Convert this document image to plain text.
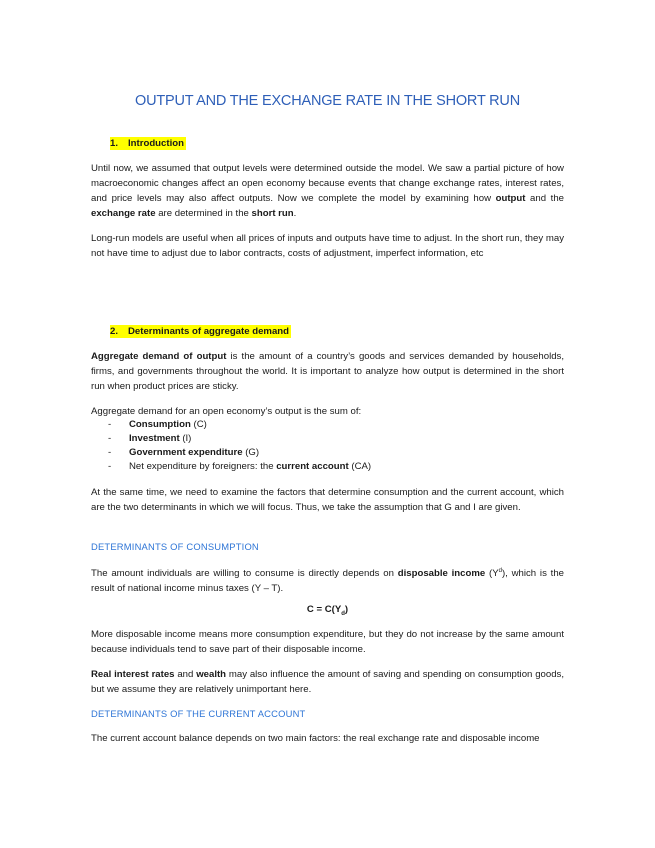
OUTPUT AND THE EXCHANGE RATE IN THE SHORT RUN
1. Introduction

Until now, we assumed that output levels were determined outside the model. We saw a partial picture of how macroeconomic changes affect an open economy because events that change exchange rates, interest rates, and price levels may also affect outputs. Now we complete the model by examining how output and the exchange rate are determined in the short run.

Long-run models are useful when all prices of inputs and outputs have time to adjust. In the short run, they may not have time to adjust due to labor contracts, costs of adjustment, imperfect information, etc

2. Determinants of aggregate demand

Aggregate demand of output is the amount of a country’s goods and services demanded by households, firms, and governments throughout the world. It is important to analyze how output is determined in the short run when product prices are sticky.

Aggregate demand for an open economy’s output is the sum of:

- Consumption (C)
- Investment (I)
- Government expenditure (G)
- Net expenditure by foreigners: the current account (CA)

At the same time, we need to examine the factors that determine consumption and the current account, which are the two determinants in which we will focus. Thus, we take the assumption that G and I are given.

DETERMINANTS OF CONSUMPTION

The amount individuals are willing to consume is directly depends on disposable income $(Y^d)$, which is the result of national income minus taxes (Y – T).

$C = C(Y_d)$

More disposable income means more consumption expenditure, but they do not increase by the same amount because individuals tend to save part of their disposable income.

Real interest rates and wealth may also influence the amount of saving and spending on consumption goods, but we assume they are relatively unimportant here.

DETERMINANTS OF THE CURRENT ACCOUNT

The current account balance depends on two main factors: the real exchange rate and disposable income
